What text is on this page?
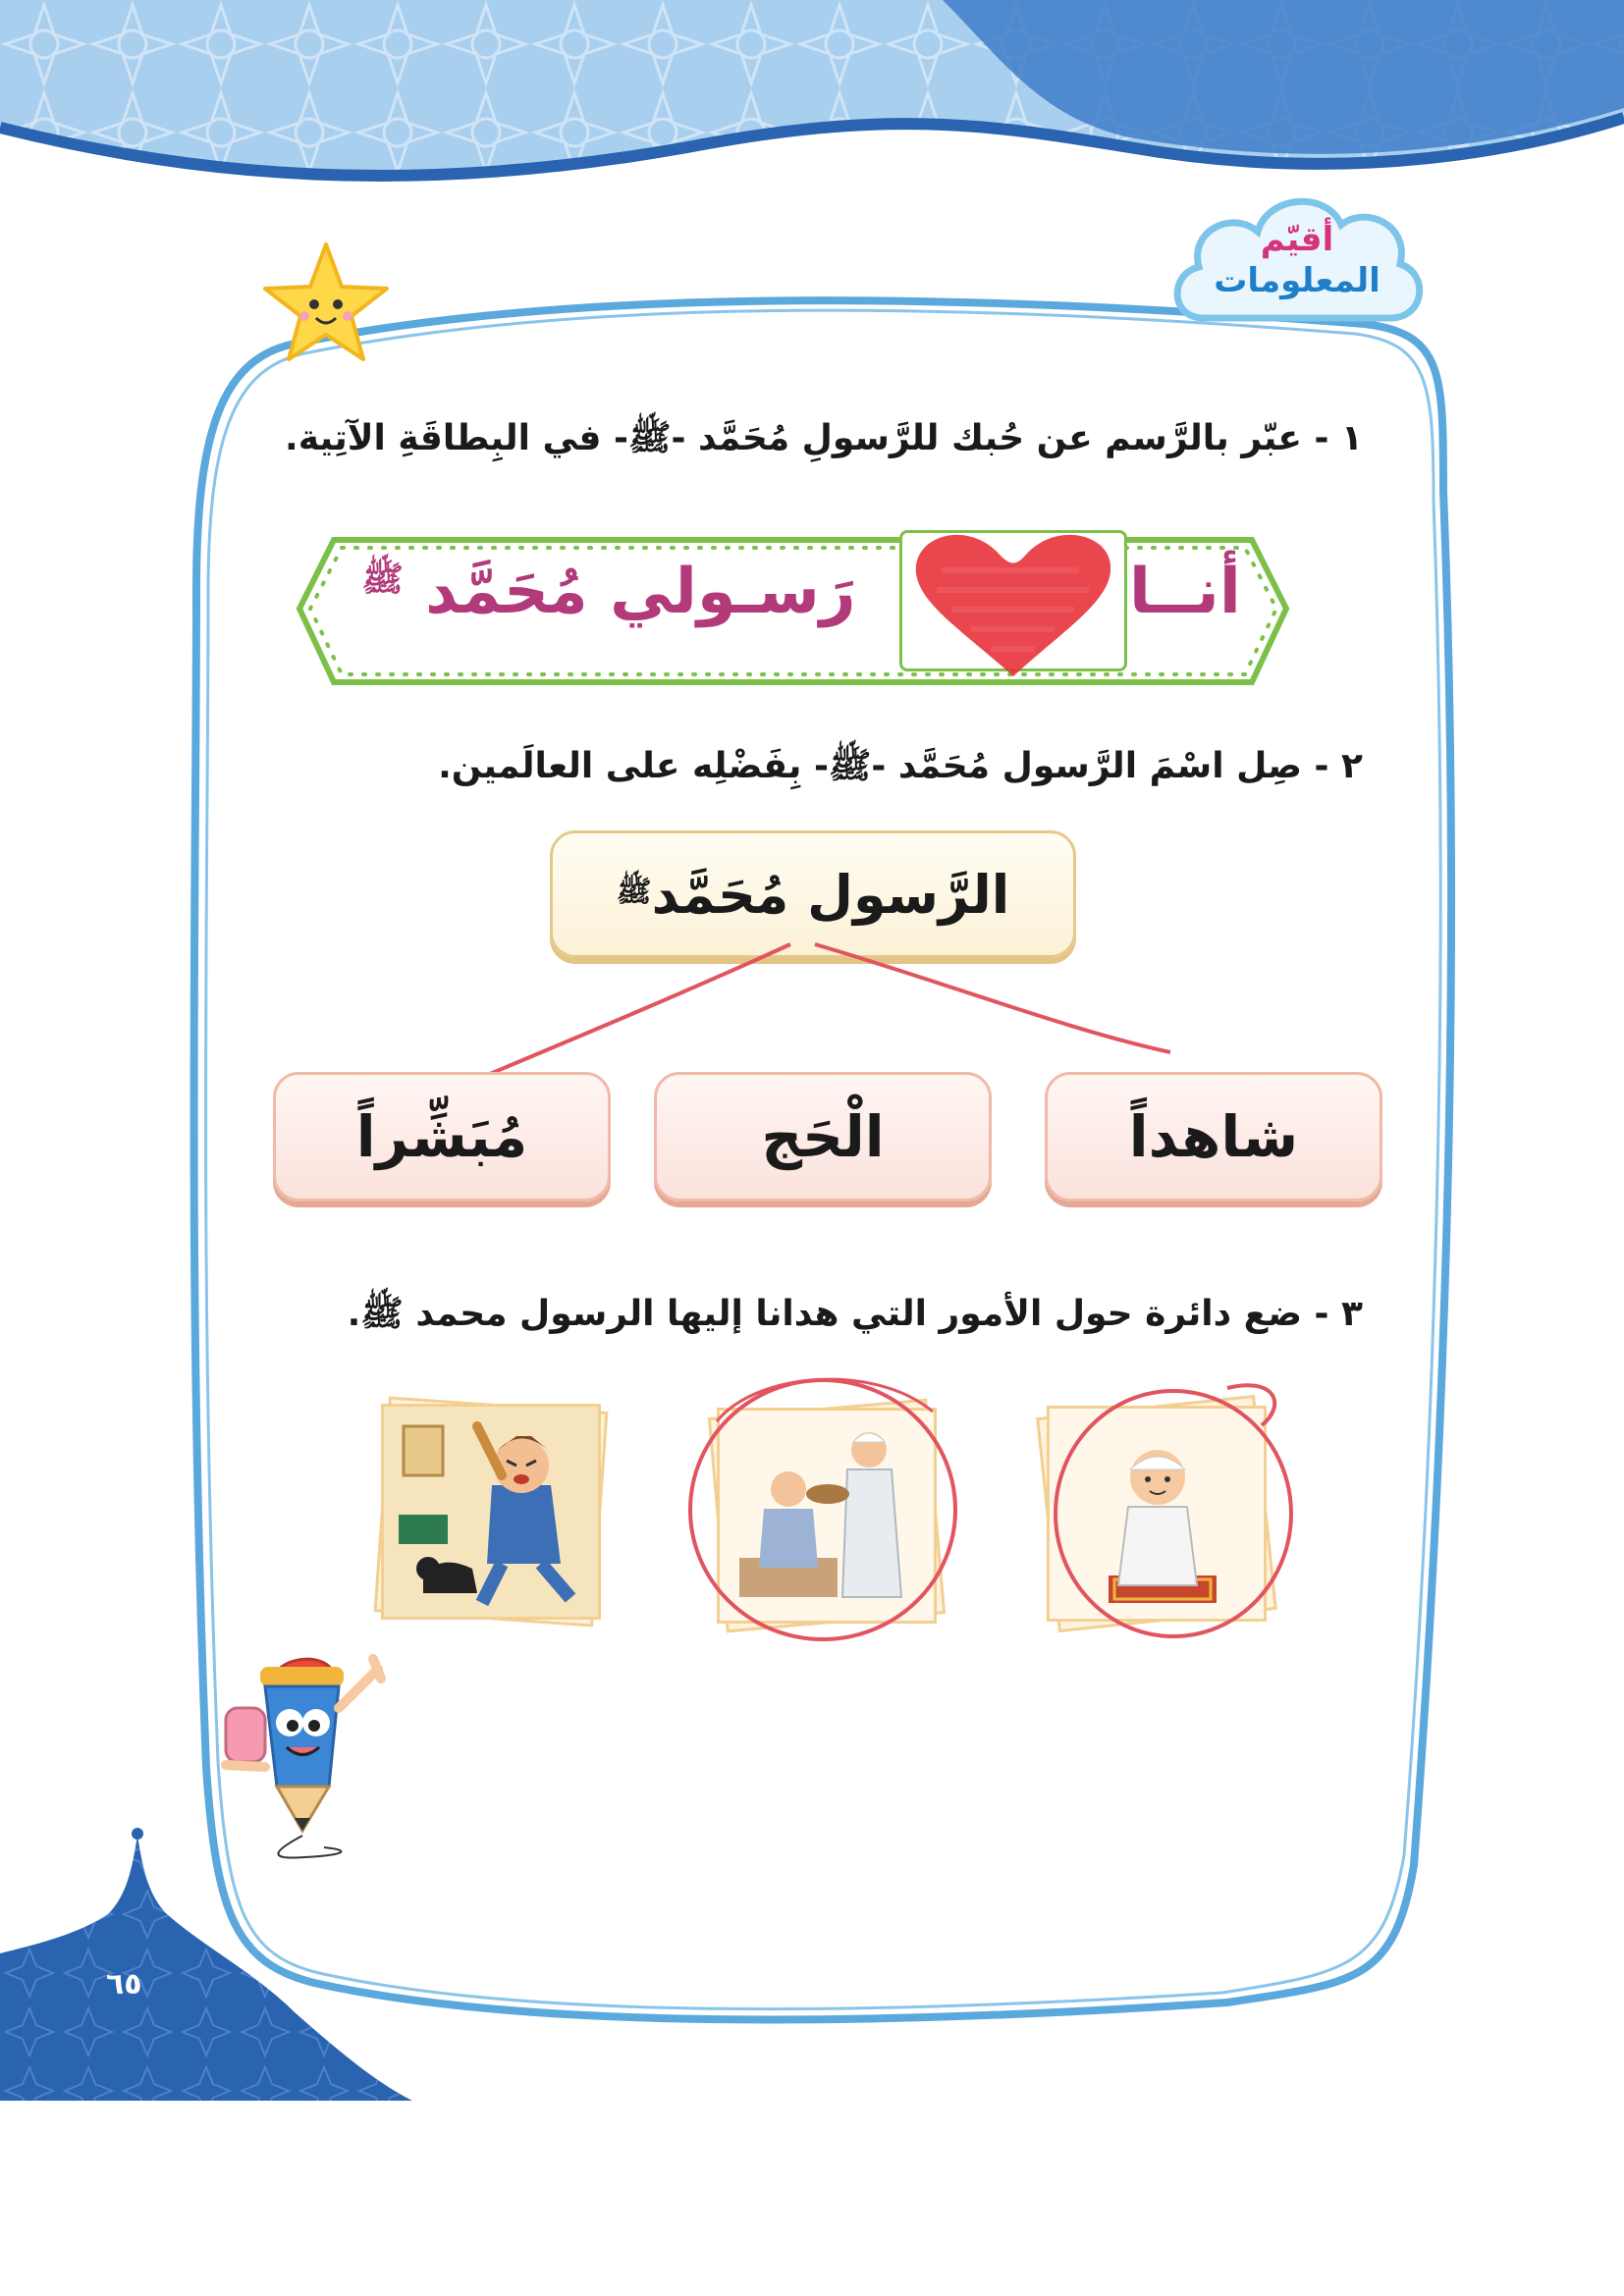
أقيّم
المعلومات
١ - عبّر بالرَّسم عن حُبك للرَّسولِ مُحَمَّد -ﷺ- في البِطاقَةِ الآتِية.
أنــا
رَسـولي مُحَمَّد $^ﷺ$
٢ - صِل اسْمَ الرَّسول مُحَمَّد -ﷺ- بِفَضْلِه على العالَمين.
الرَّسول مُحَمَّد
ﷺ
شاهداً
الْحَج
مُبَشِّراً
٣ - ضع دائرة حول الأمور التي هدانا إليها الرسول محمد ﷺ.
٦٥
